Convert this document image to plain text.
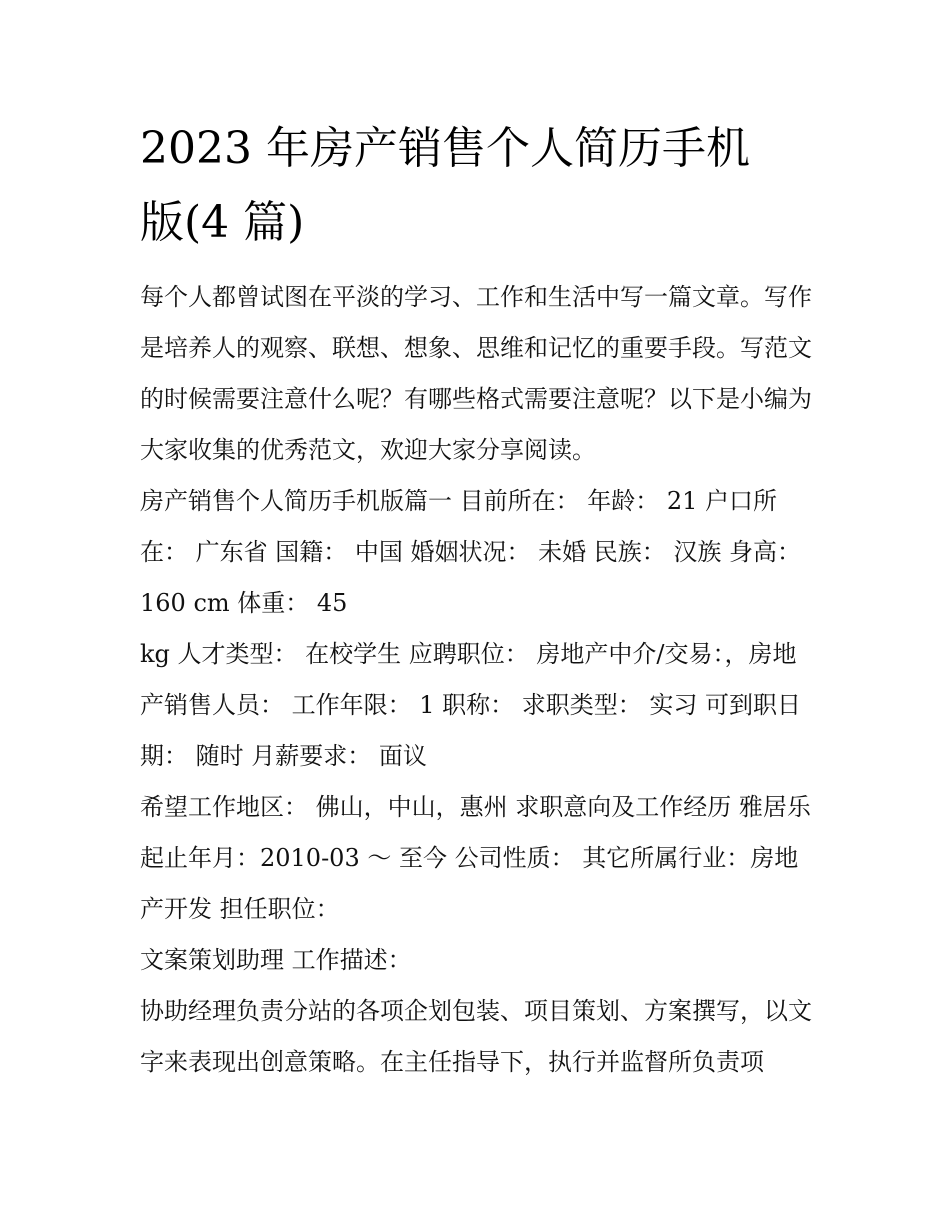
2023 年房产销售个人简历手机
版(4 篇)

每个人都曾试图在平淡的学习、工作和生活中写一篇文章。写作是培养人的观察、联想、想象、思维和记忆的重要手段。写范文的时候需要注意什么呢？有哪些格式需要注意呢？以下是小编为大家收集的优秀范文，欢迎大家分享阅读。

房产销售个人简历手机版篇一 目前所在： 年龄： 21 户口所在： 广东省 国籍： 中国 婚姻状况： 未婚 民族： 汉族 身高： 160 cm 体重： 45

kg 人才类型： 在校学生 应聘职位： 房地产中介/交易：，房地产销售人员： 工作年限： 1 职称： 求职类型： 实习 可到职日期： 随时 月薪要求： 面议

希望工作地区： 佛山，中山，惠州 求职意向及工作经历 雅居乐 起止年月：2010-03 ～ 至今 公司性质： 其它所属行业：房地产开发 担任职位：

文案策划助理 工作描述：

协助经理负责分站的各项企划包装、项目策划、方案撰写，以文字来表现出创意策略。在主任指导下，执行并监督所负责项
